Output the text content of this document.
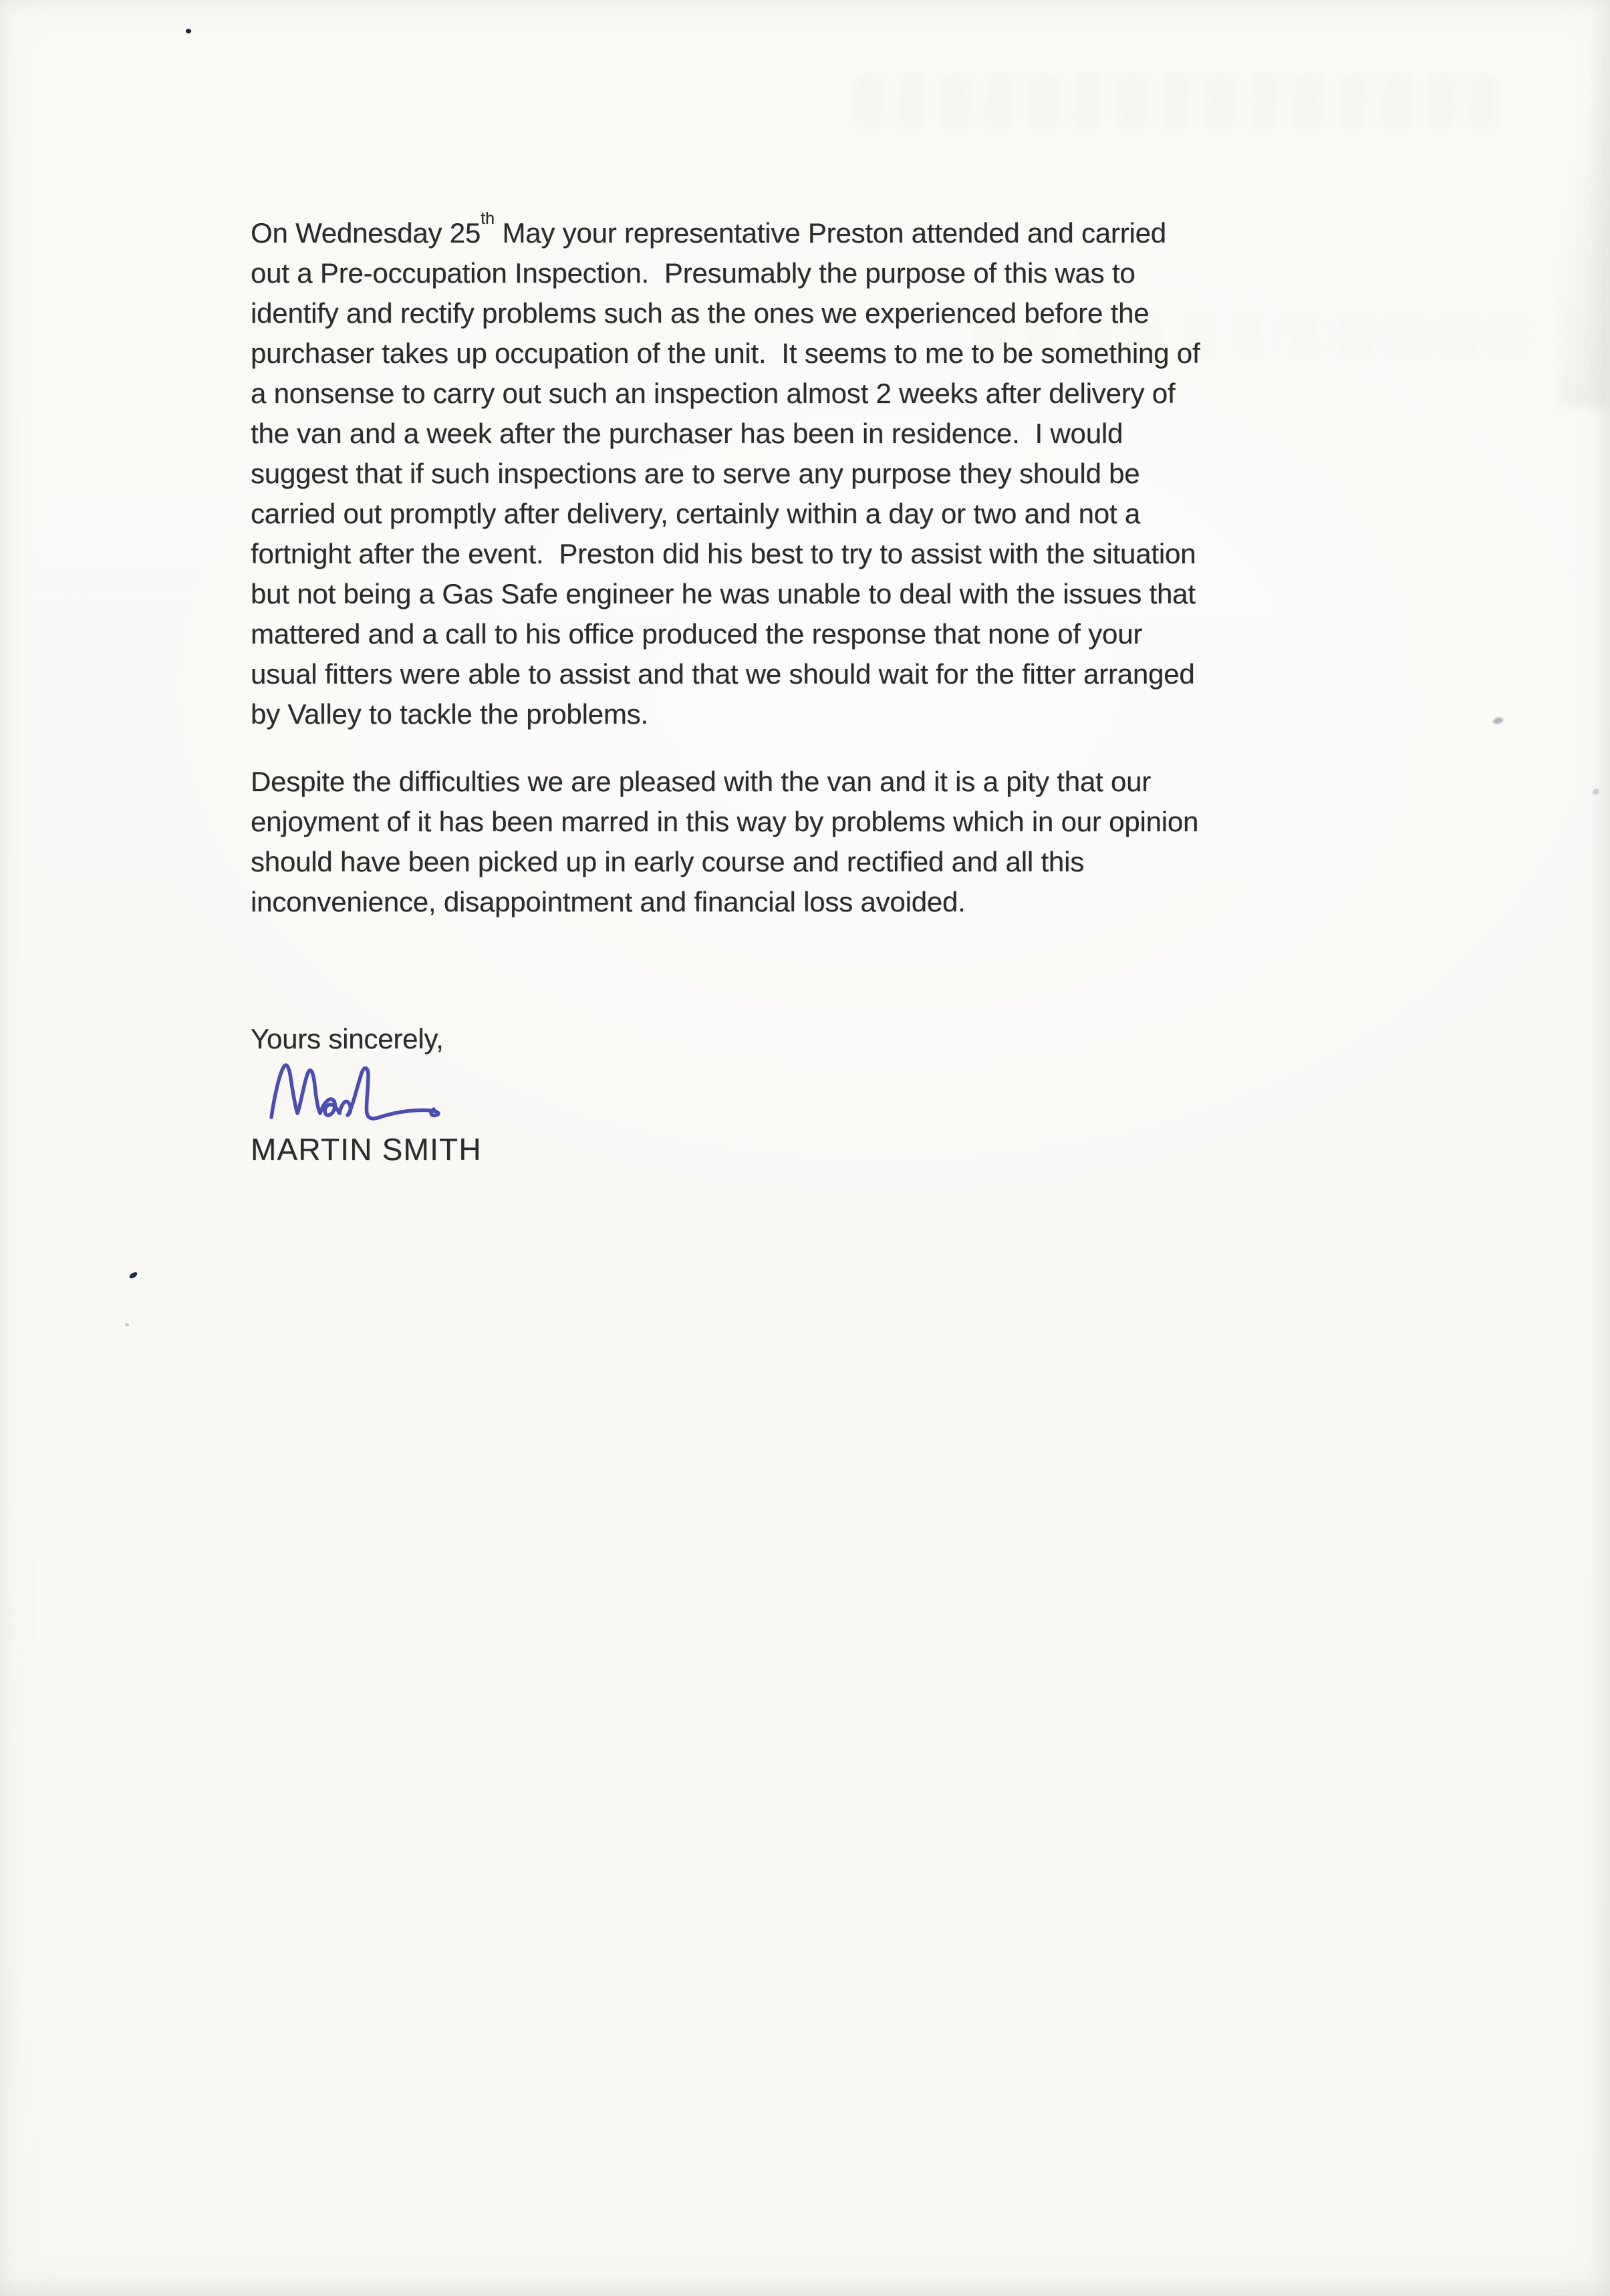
On Wednesday 25th May your representative Preston attended and carried
out a Pre-occupation Inspection.  Presumably the purpose of this was to
identify and rectify problems such as the ones we experienced before the
purchaser takes up occupation of the unit.  It seems to me to be something of
a nonsense to carry out such an inspection almost 2 weeks after delivery of
the van and a week after the purchaser has been in residence.  I would
suggest that if such inspections are to serve any purpose they should be
carried out promptly after delivery, certainly within a day or two and not a
fortnight after the event.  Preston did his best to try to assist with the situation
but not being a Gas Safe engineer he was unable to deal with the issues that
mattered and a call to his office produced the response that none of your
usual fitters were able to assist and that we should wait for the fitter arranged
by Valley to tackle the problems.
Despite the difficulties we are pleased with the van and it is a pity that our
enjoyment of it has been marred in this way by problems which in our opinion
should have been picked up in early course and rectified and all this
inconvenience, disappointment and financial loss avoided.
Yours sincerely,
MARTIN SMITH
